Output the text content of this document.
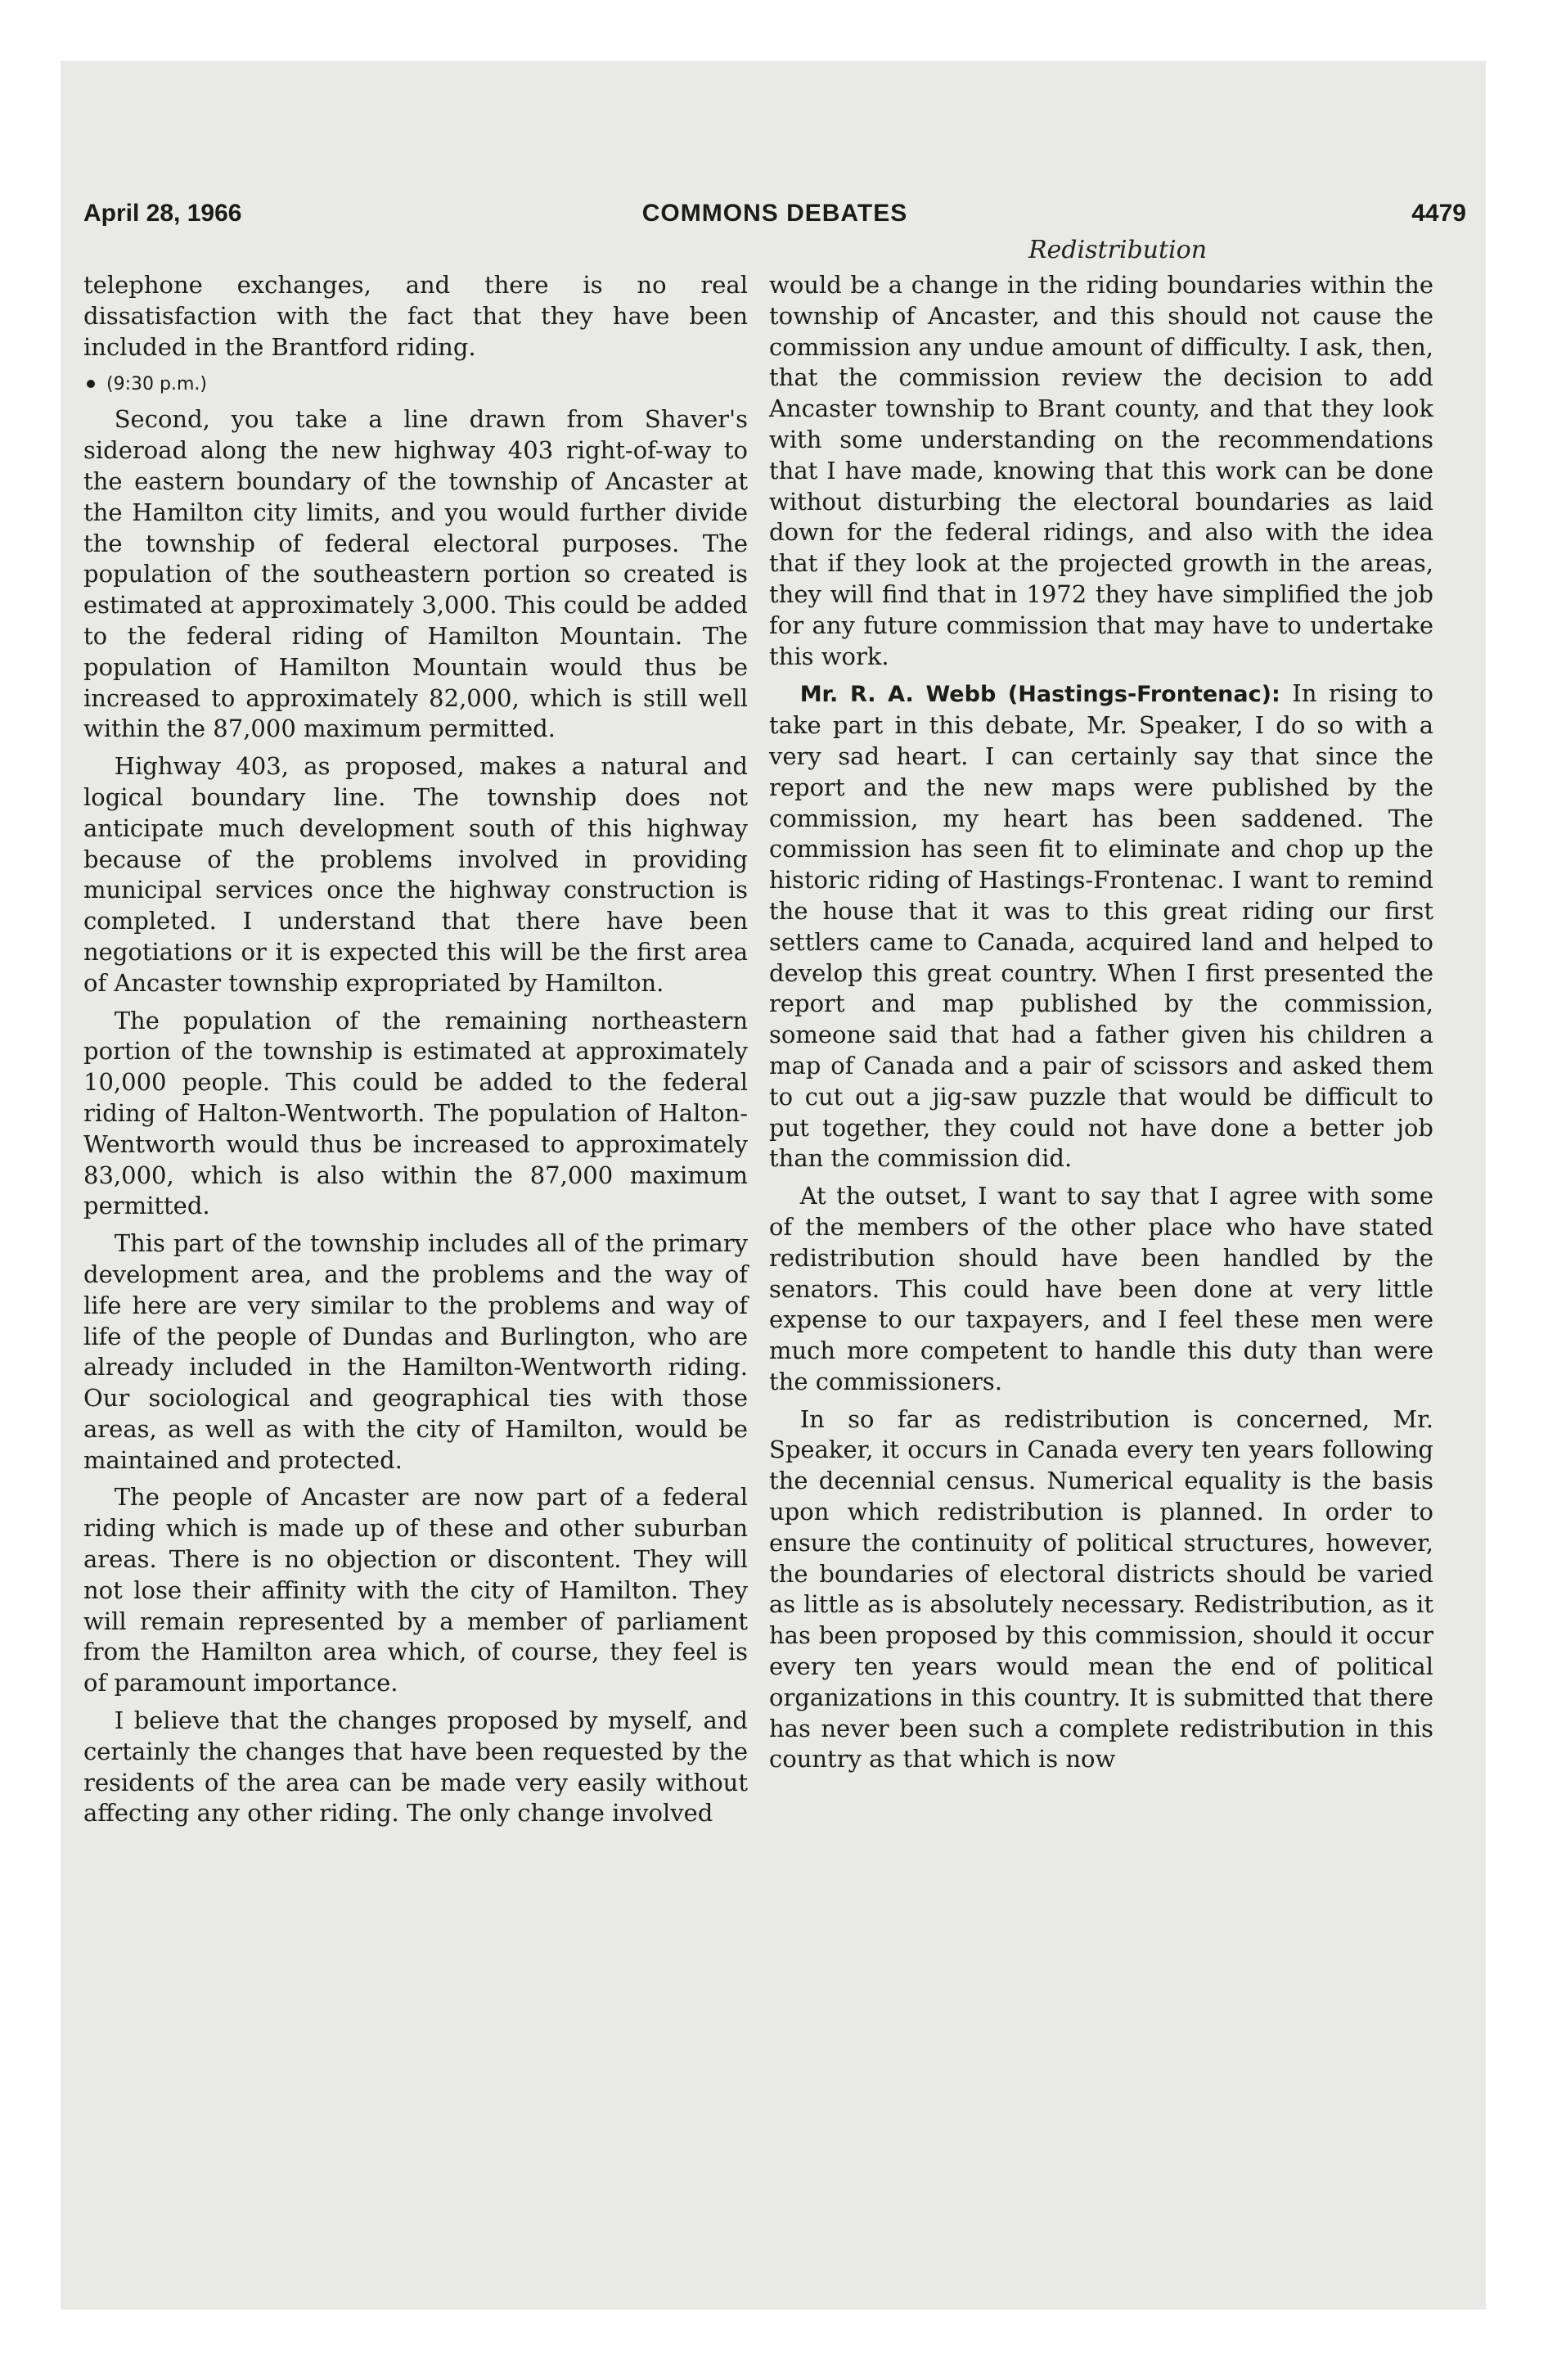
April 28, 1966	COMMONS DEBATES	4479
Redistribution

telephone exchanges, and there is no real dissatisfaction with the fact that they have been included in the Brantford riding.

(9:30 p.m.)

Second, you take a line drawn from Shaver's sideroad along the new highway 403 right-of-way to the eastern boundary of the township of Ancaster at the Hamilton city limits, and you would further divide the township of federal electoral purposes. The population of the southeastern portion so created is estimated at approximately 3,000. This could be added to the federal riding of Hamilton Mountain. The population of Hamilton Mountain would thus be increased to approximately 82,000, which is still well within the 87,000 maximum permitted.

Highway 403, as proposed, makes a natural and logical boundary line. The township does not anticipate much development south of this highway because of the problems involved in providing municipal services once the highway construction is completed. I understand that there have been negotiations or it is expected this will be the first area of Ancaster township expropriated by Hamilton.

The population of the remaining northeastern portion of the township is estimated at approximately 10,000 people. This could be added to the federal riding of Halton-Wentworth. The population of Halton-Wentworth would thus be increased to approximately 83,000, which is also within the 87,000 maximum permitted.

This part of the township includes all of the primary development area, and the problems and the way of life here are very similar to the problems and way of life of the people of Dundas and Burlington, who are already included in the Hamilton-Wentworth riding. Our sociological and geographical ties with those areas, as well as with the city of Hamilton, would be maintained and protected.

The people of Ancaster are now part of a federal riding which is made up of these and other suburban areas. There is no objection or discontent. They will not lose their affinity with the city of Hamilton. They will remain represented by a member of parliament from the Hamilton area which, of course, they feel is of paramount importance.

I believe that the changes proposed by myself, and certainly the changes that have been requested by the residents of the area can be made very easily without affecting any other riding. The only change involved

would be a change in the riding boundaries within the township of Ancaster, and this should not cause the commission any undue amount of difficulty. I ask, then, that the commission review the decision to add Ancaster township to Brant county, and that they look with some understanding on the recommendations that I have made, knowing that this work can be done without disturbing the electoral boundaries as laid down for the federal ridings, and also with the idea that if they look at the projected growth in the areas, they will find that in 1972 they have simplified the job for any future commission that may have to undertake this work.

Mr. R. A. Webb (Hastings-Frontenac): In rising to take part in this debate, Mr. Speaker, I do so with a very sad heart. I can certainly say that since the report and the new maps were published by the commission, my heart has been saddened. The commission has seen fit to eliminate and chop up the historic riding of Hastings-Frontenac. I want to remind the house that it was to this great riding our first settlers came to Canada, acquired land and helped to develop this great country. When I first presented the report and map published by the commission, someone said that had a father given his children a map of Canada and a pair of scissors and asked them to cut out a jig-saw puzzle that would be difficult to put together, they could not have done a better job than the commission did.

At the outset, I want to say that I agree with some of the members of the other place who have stated redistribution should have been handled by the senators. This could have been done at very little expense to our taxpayers, and I feel these men were much more competent to handle this duty than were the commissioners.

In so far as redistribution is concerned, Mr. Speaker, it occurs in Canada every ten years following the decennial census. Numerical equality is the basis upon which redistribution is planned. In order to ensure the continuity of political structures, however, the boundaries of electoral districts should be varied as little as is absolutely necessary. Redistribution, as it has been proposed by this commission, should it occur every ten years would mean the end of political organizations in this country. It is submitted that there has never been such a complete redistribution in this country as that which is now
